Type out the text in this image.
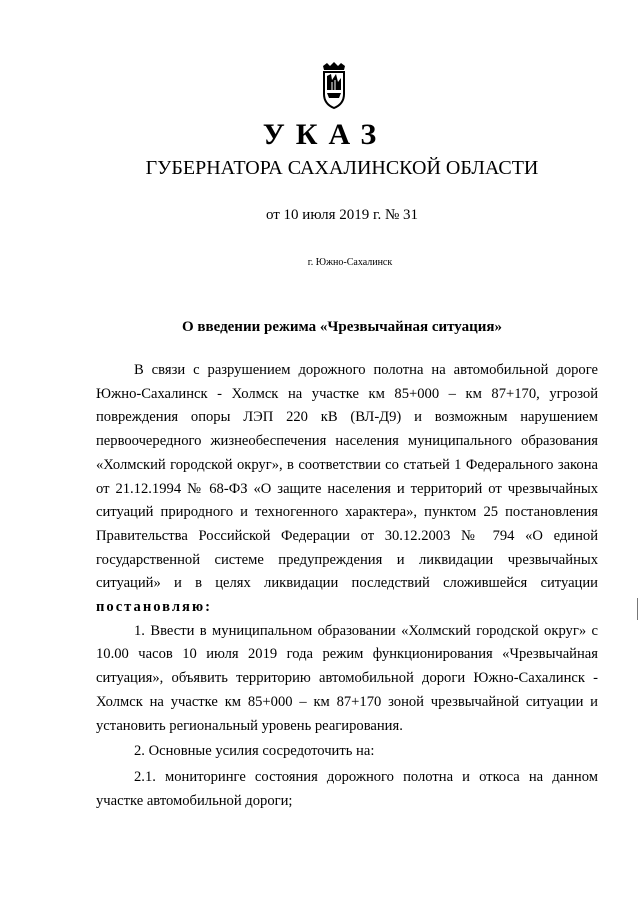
УКАЗ
ГУБЕРНАТОРА САХАЛИНСКОЙ ОБЛАСТИ
от 10 июля 2019 г. № 31
г. Южно-Сахалинск
О введении режима «Чрезвычайная ситуация»

В связи с разрушением дорожного полотна на автомобильной дороге Южно-Сахалинск - Холмск на участке км 85+000 – км 87+170, угрозой повреждения опоры ЛЭП 220 кВ (ВЛ-Д9) и возможным нарушением первоочередного жизнеобеспечения населения муниципального образования «Холмский городской округ», в соответствии со статьей 1 Федерального закона от 21.12.1994 № 68-ФЗ «О защите населения и территорий от чрезвычайных ситуаций природного и техногенного характера», пунктом 25 постановления Правительства Российской Федерации от 30.12.2003 № 794 «О единой государственной системе предупреждения и ликвидации чрезвычайных ситуаций» и в целях ликвидации последствий сложившейся ситуации постановляю:

1. Ввести в муниципальном образовании «Холмский городской округ» с 10.00 часов 10 июля 2019 года режим функционирования «Чрезвычайная ситуация», объявить территорию автомобильной дороги Южно-Сахалинск - Холмск на участке км 85+000 – км 87+170 зоной чрезвычайной ситуации и установить региональный уровень реагирования.

2. Основные усилия сосредоточить на:

2.1. мониторинге состояния дорожного полотна и откоса на данном участке автомобильной дороги;
